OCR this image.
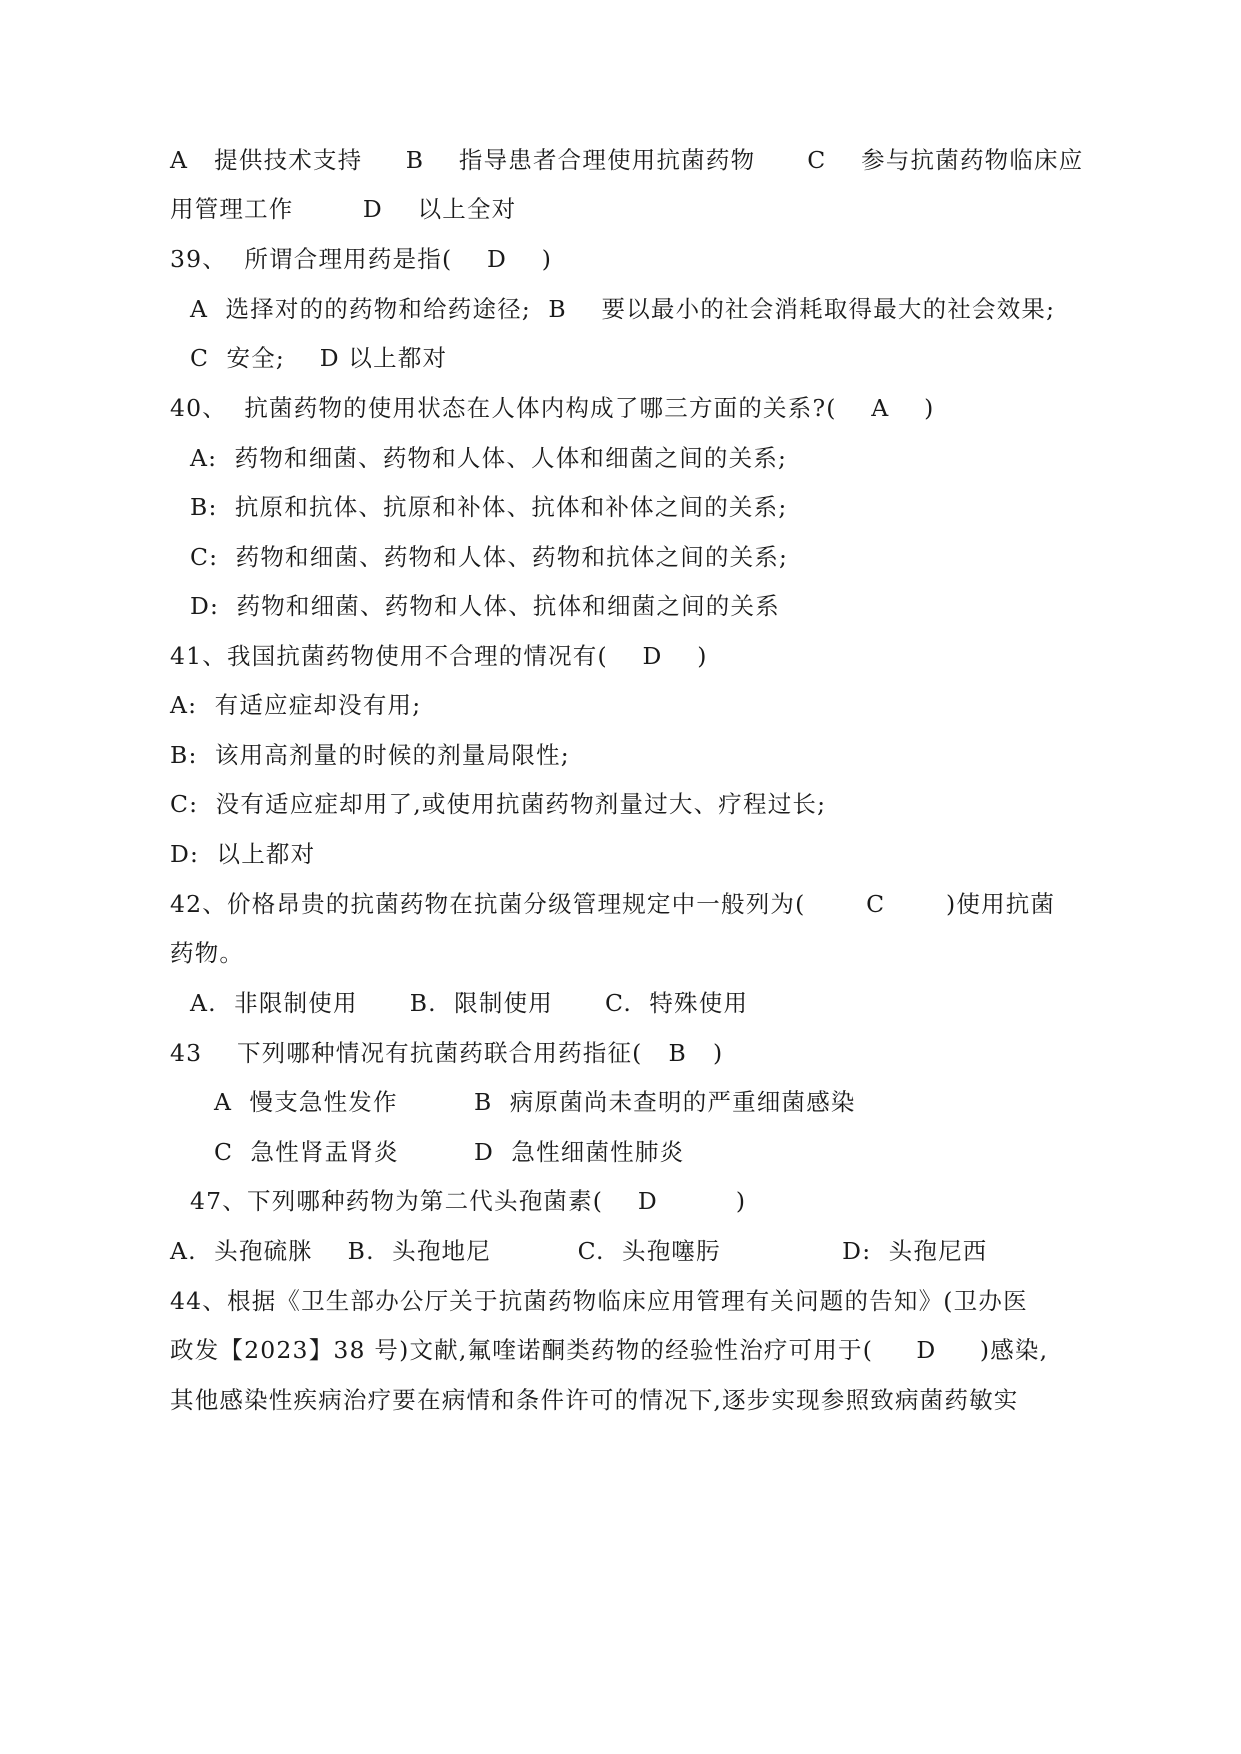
A   提供技术支持     B    指导患者合理使用抗菌药物      C    参与抗菌药物临床应
用管理工作        D    以上全对
39、  所谓合理用药是指(    D    )
A  选择对的的药物和给药途径;  B    要以最小的社会消耗取得最大的社会效果;
C  安全;    D 以上都对
40、  抗菌药物的使用状态在人体内构成了哪三方面的关系?(    A    )
A:  药物和细菌、药物和人体、人体和细菌之间的关系;
B:  抗原和抗体、抗原和补体、抗体和补体之间的关系;
C:  药物和细菌、药物和人体、药物和抗体之间的关系;
D:  药物和细菌、药物和人体、抗体和细菌之间的关系
41、我国抗菌药物使用不合理的情况有(    D    )
A:  有适应症却没有用;
B:  该用高剂量的时候的剂量局限性;
C:  没有适应症却用了,或使用抗菌药物剂量过大、疗程过长;
D:  以上都对
42、价格昂贵的抗菌药物在抗菌分级管理规定中一般列为(       C       )使用抗菌
药物。
A.  非限制使用      B.  限制使用      C.  特殊使用
43    下列哪种情况有抗菌药联合用药指征(   B   )
A  慢支急性发作	B  病原菌尚未查明的严重细菌感染
C  急性肾盂肾炎	D  急性细菌性肺炎
47、下列哪种药物为第二代头孢菌素(    D         )
A.  头孢硫脒    B.  头孢地尼          C.  头孢噻肟              D:  头孢尼西
44、根据《卫生部办公厅关于抗菌药物临床应用管理有关问题的告知》(卫办医
政发【2023】38 号)文献,氟喹诺酮类药物的经验性治疗可用于(     D     )感染,
其他感染性疾病治疗要在病情和条件许可的情况下,逐步实现参照致病菌药敏实
